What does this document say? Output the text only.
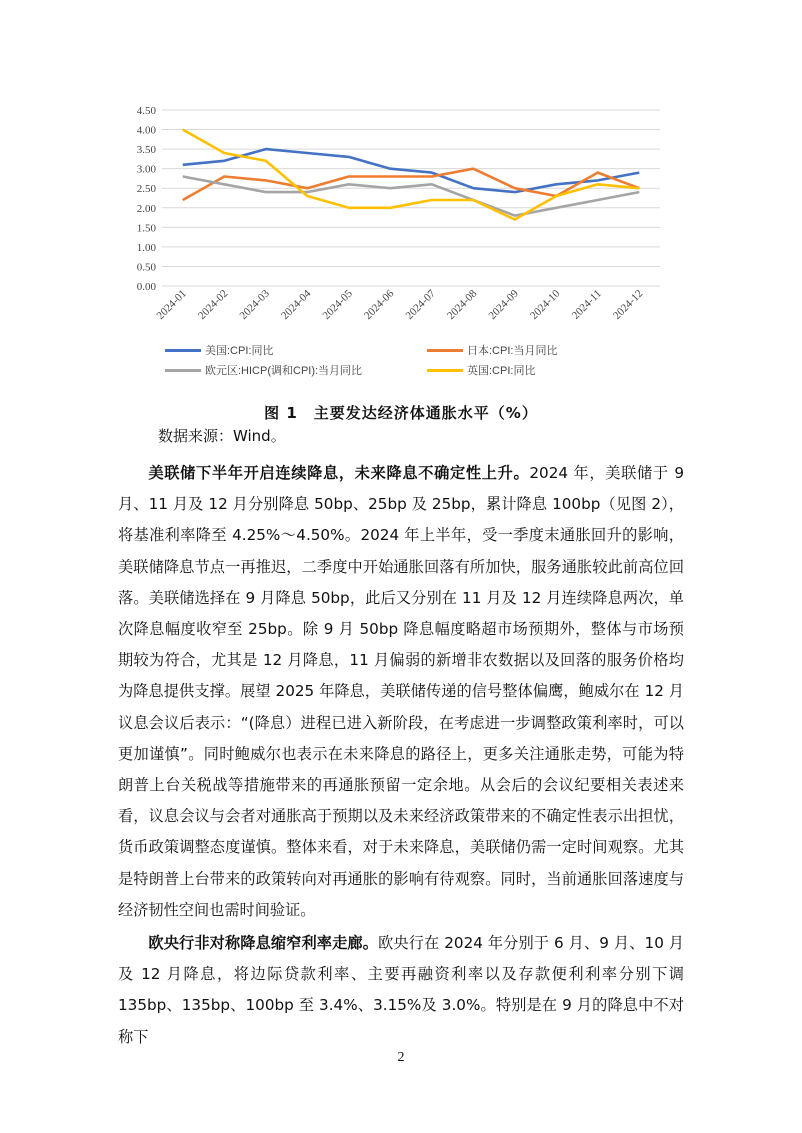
4.50
4.00
3.50
3.00
2.50
2.00
1.50
1.00
0.50
0.00
2024-01 2024-02 2024-03 2024-04 2024-05 2024-06 2024-07 2024-08 2024-09 2024-10 2024-11 2024-12
美国:CPI:同比	日本:CPI:当月同比
欧元区:HICP(调和CPI):当月同比	英国:CPI:同比
图 1　主要发达经济体通胀水平（%）
数据来源：Wind。
美联储下半年开启连续降息，未来降息不确定性上升。2024 年，美联储于 9 月、11 月及 12 月分别降息 50bp、25bp 及 25bp，累计降息 100bp（见图 2），将基准利率降至 4.25%～4.50%。2024 年上半年，受一季度末通胀回升的影响，美联储降息节点一再推迟，二季度中开始通胀回落有所加快，服务通胀较此前高位回落。美联储选择在 9 月降息 50bp，此后又分别在 11 月及 12 月连续降息两次，单次降息幅度收窄至 25bp。除 9 月 50bp 降息幅度略超市场预期外，整体与市场预期较为符合，尤其是 12 月降息，11 月偏弱的新增非农数据以及回落的服务价格均为降息提供支撑。展望 2025 年降息，美联储传递的信号整体偏鹰，鲍威尔在 12 月议息会议后表示：“(降息）进程已进入新阶段，在考虑进一步调整政策利率时，可以更加谨慎”。同时鲍威尔也表示在未来降息的路径上，更多关注通胀走势，可能为特朗普上台关税战等措施带来的再通胀预留一定余地。从会后的会议纪要相关表述来看，议息会议与会者对通胀高于预期以及未来经济政策带来的不确定性表示出担忧，货币政策调整态度谨慎。整体来看，对于未来降息，美联储仍需一定时间观察。尤其是特朗普上台带来的政策转向对再通胀的影响有待观察。同时，当前通胀回落速度与经济韧性空间也需时间验证。
欧央行非对称降息缩窄利率走廊。欧央行在 2024 年分别于 6 月、9 月、10 月及 12 月降息，将边际贷款利率、主要再融资利率以及存款便利利率分别下调 135bp、135bp、100bp 至 3.4%、3.15%及 3.0%。特别是在 9 月的降息中不对称下
2
